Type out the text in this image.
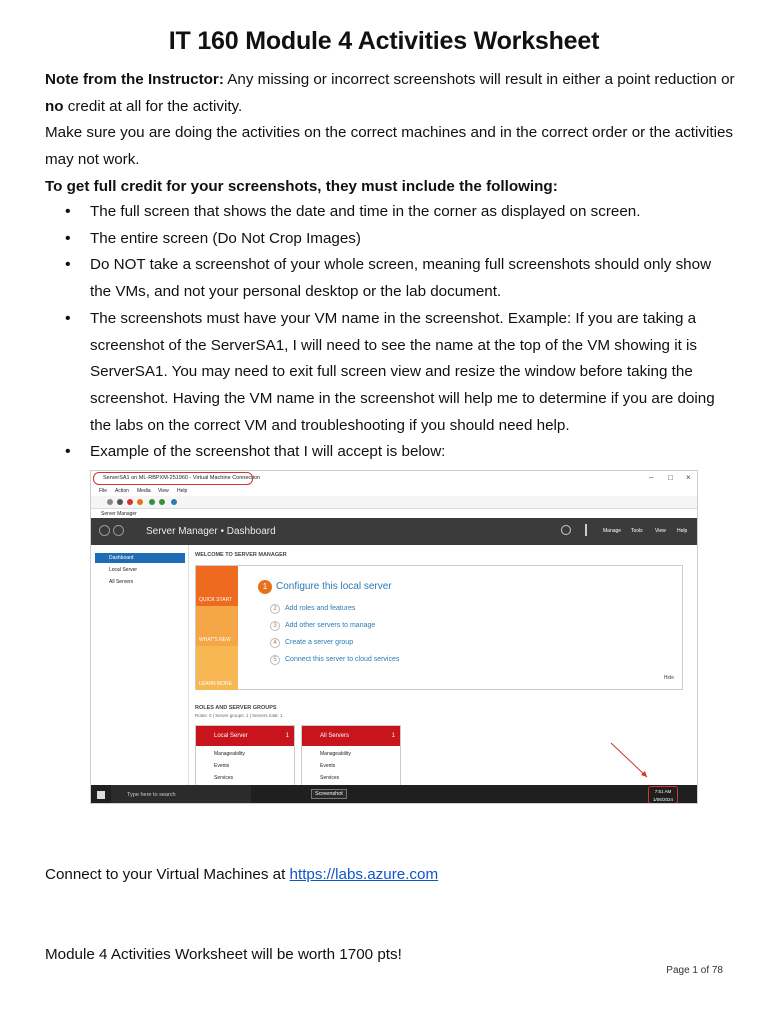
IT 160 Module 4 Activities Worksheet

Note from the Instructor: Any missing or incorrect screenshots will result in either a point reduction or no credit at all for the activity.

Make sure you are doing the activities on the correct machines and in the correct order or the activities may not work.

To get full credit for your screenshots, they must include the following:

• The full screen that shows the date and time in the corner as displayed on screen.
• The entire screen (Do Not Crop Images)
• Do NOT take a screenshot of your whole screen, meaning full screenshots should only show the VMs, and not your personal desktop or the lab document.
• The screenshots must have your VM name in the screenshot. Example: If you are taking a screenshot of the ServerSA1, I will need to see the name at the top of the VM showing it is ServerSA1. You may need to exit full screen view and resize the window before taking the screenshot. Having the VM name in the screenshot will help me to determine if you are doing the labs on the correct VM and troubleshooting if you should need help.
• Example of the screenshot that I will accept is below:
ServerSA1 on ML-RBPXM-251960 - Virtual Machine Connection	– □ ×
File Action Media View Help
Server Manager
Server Manager • Dashboard	Manage Tools View Help
Dashboard
Local Server
All Servers
WELCOME TO SERVER MANAGER
QUICK START
WHAT'S NEW
LEARN MORE
1 Configure this local server
2 Add roles and features
3 Add other servers to manage
4 Create a server group
5 Connect this server to cloud services
Hide
ROLES AND SERVER GROUPS
Roles: 0 | Server groups: 1 | Servers total: 1
Local Server	1
Manageability
Events
Services
All Servers	1
Manageability
Events
Services
Type here to search	Screenshot	7:51 AM
1/06/2024

Connect to your Virtual Machines at https://labs.azure.com

Module 4 Activities Worksheet will be worth 1700 pts!

Page 1 of 78
